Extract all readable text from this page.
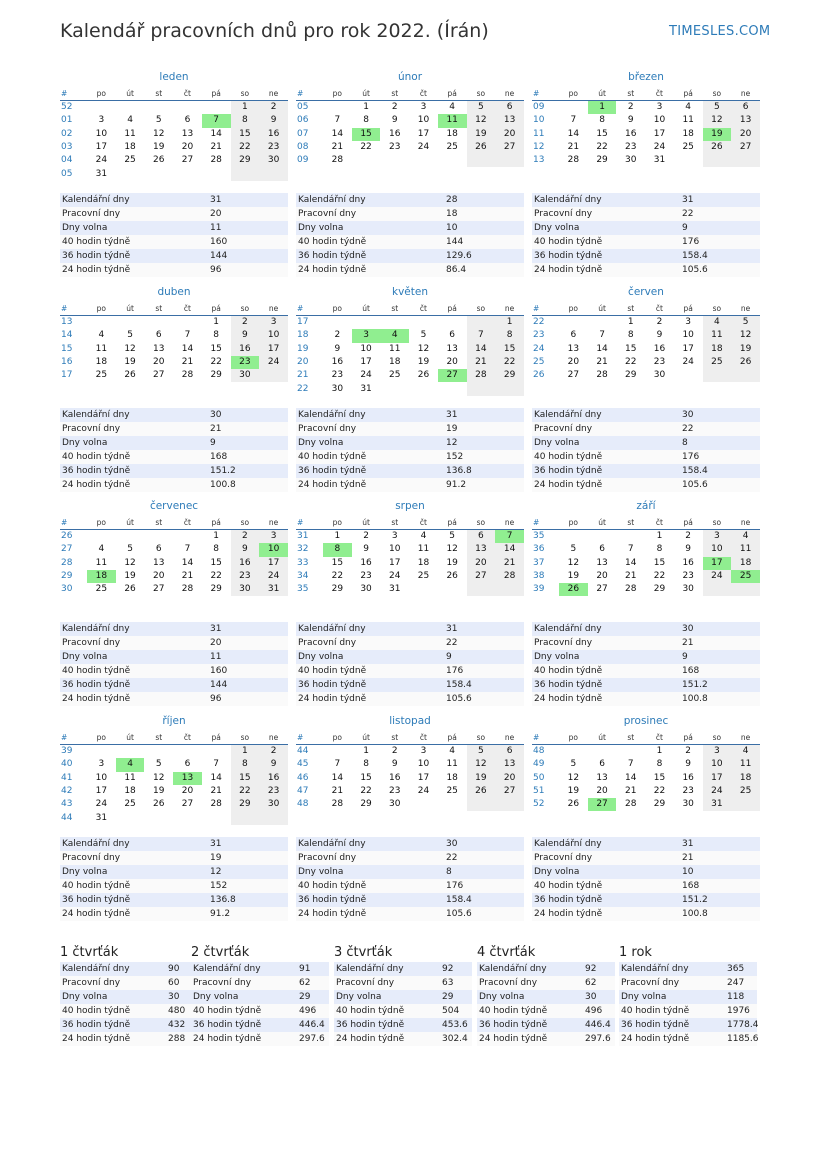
Kalendář pracovních dnů pro rok 2022. (Írán)	TIMESLES.COM
leden
#	po	út	st	čt	pá	so	ne
52						1	2
01	3	4	5	6	7	8	9
02	10	11	12	13	14	15	16
03	17	18	19	20	21	22	23
04	24	25	26	27	28	29	30
05	31						
Kalendářní dny	31
Pracovní dny	20
Dny volna	11
40 hodin týdně	160
36 hodin týdně	144
24 hodin týdně	96
únor
#	po	út	st	čt	pá	so	ne
05		1	2	3	4	5	6
06	7	8	9	10	11	12	13
07	14	15	16	17	18	19	20
08	21	22	23	24	25	26	27
09	28						
Kalendářní dny	28
Pracovní dny	18
Dny volna	10
40 hodin týdně	144
36 hodin týdně	129.6
24 hodin týdně	86.4
březen
#	po	út	st	čt	pá	so	ne
09		1	2	3	4	5	6
10	7	8	9	10	11	12	13
11	14	15	16	17	18	19	20
12	21	22	23	24	25	26	27
13	28	29	30	31			
Kalendářní dny	31
Pracovní dny	22
Dny volna	9
40 hodin týdně	176
36 hodin týdně	158.4
24 hodin týdně	105.6
duben
#	po	út	st	čt	pá	so	ne
13					1	2	3
14	4	5	6	7	8	9	10
15	11	12	13	14	15	16	17
16	18	19	20	21	22	23	24
17	25	26	27	28	29	30	
Kalendářní dny	30
Pracovní dny	21
Dny volna	9
40 hodin týdně	168
36 hodin týdně	151.2
24 hodin týdně	100.8
květen
#	po	út	st	čt	pá	so	ne
17							1
18	2	3	4	5	6	7	8
19	9	10	11	12	13	14	15
20	16	17	18	19	20	21	22
21	23	24	25	26	27	28	29
22	30	31					
Kalendářní dny	31
Pracovní dny	19
Dny volna	12
40 hodin týdně	152
36 hodin týdně	136.8
24 hodin týdně	91.2
červen
#	po	út	st	čt	pá	so	ne
22			1	2	3	4	5
23	6	7	8	9	10	11	12
24	13	14	15	16	17	18	19
25	20	21	22	23	24	25	26
26	27	28	29	30			
Kalendářní dny	30
Pracovní dny	22
Dny volna	8
40 hodin týdně	176
36 hodin týdně	158.4
24 hodin týdně	105.6
červenec
#	po	út	st	čt	pá	so	ne
26					1	2	3
27	4	5	6	7	8	9	10
28	11	12	13	14	15	16	17
29	18	19	20	21	22	23	24
30	25	26	27	28	29	30	31
Kalendářní dny	31
Pracovní dny	20
Dny volna	11
40 hodin týdně	160
36 hodin týdně	144
24 hodin týdně	96
srpen
#	po	út	st	čt	pá	so	ne
31	1	2	3	4	5	6	7
32	8	9	10	11	12	13	14
33	15	16	17	18	19	20	21
34	22	23	24	25	26	27	28
35	29	30	31				
Kalendářní dny	31
Pracovní dny	22
Dny volna	9
40 hodin týdně	176
36 hodin týdně	158.4
24 hodin týdně	105.6
září
#	po	út	st	čt	pá	so	ne
35				1	2	3	4
36	5	6	7	8	9	10	11
37	12	13	14	15	16	17	18
38	19	20	21	22	23	24	25
39	26	27	28	29	30		
Kalendářní dny	30
Pracovní dny	21
Dny volna	9
40 hodin týdně	168
36 hodin týdně	151.2
24 hodin týdně	100.8
říjen
#	po	út	st	čt	pá	so	ne
39						1	2
40	3	4	5	6	7	8	9
41	10	11	12	13	14	15	16
42	17	18	19	20	21	22	23
43	24	25	26	27	28	29	30
44	31						
Kalendářní dny	31
Pracovní dny	19
Dny volna	12
40 hodin týdně	152
36 hodin týdně	136.8
24 hodin týdně	91.2
listopad
#	po	út	st	čt	pá	so	ne
44		1	2	3	4	5	6
45	7	8	9	10	11	12	13
46	14	15	16	17	18	19	20
47	21	22	23	24	25	26	27
48	28	29	30				
Kalendářní dny	30
Pracovní dny	22
Dny volna	8
40 hodin týdně	176
36 hodin týdně	158.4
24 hodin týdně	105.6
prosinec
#	po	út	st	čt	pá	so	ne
48				1	2	3	4
49	5	6	7	8	9	10	11
50	12	13	14	15	16	17	18
51	19	20	21	22	23	24	25
52	26	27	28	29	30	31	
Kalendářní dny	31
Pracovní dny	21
Dny volna	10
40 hodin týdně	168
36 hodin týdně	151.2
24 hodin týdně	100.8
1 čtvrťák
Kalendářní dny	90
Pracovní dny	60
Dny volna	30
40 hodin týdně	480
36 hodin týdně	432
24 hodin týdně	288
2 čtvrťák
Kalendářní dny	91
Pracovní dny	62
Dny volna	29
40 hodin týdně	496
36 hodin týdně	446.4
24 hodin týdně	297.6
3 čtvrťák
Kalendářní dny	92
Pracovní dny	63
Dny volna	29
40 hodin týdně	504
36 hodin týdně	453.6
24 hodin týdně	302.4
4 čtvrťák
Kalendářní dny	92
Pracovní dny	62
Dny volna	30
40 hodin týdně	496
36 hodin týdně	446.4
24 hodin týdně	297.6
1 rok
Kalendářní dny	365
Pracovní dny	247
Dny volna	118
40 hodin týdně	1976
36 hodin týdně	1778.4
24 hodin týdně	1185.6
